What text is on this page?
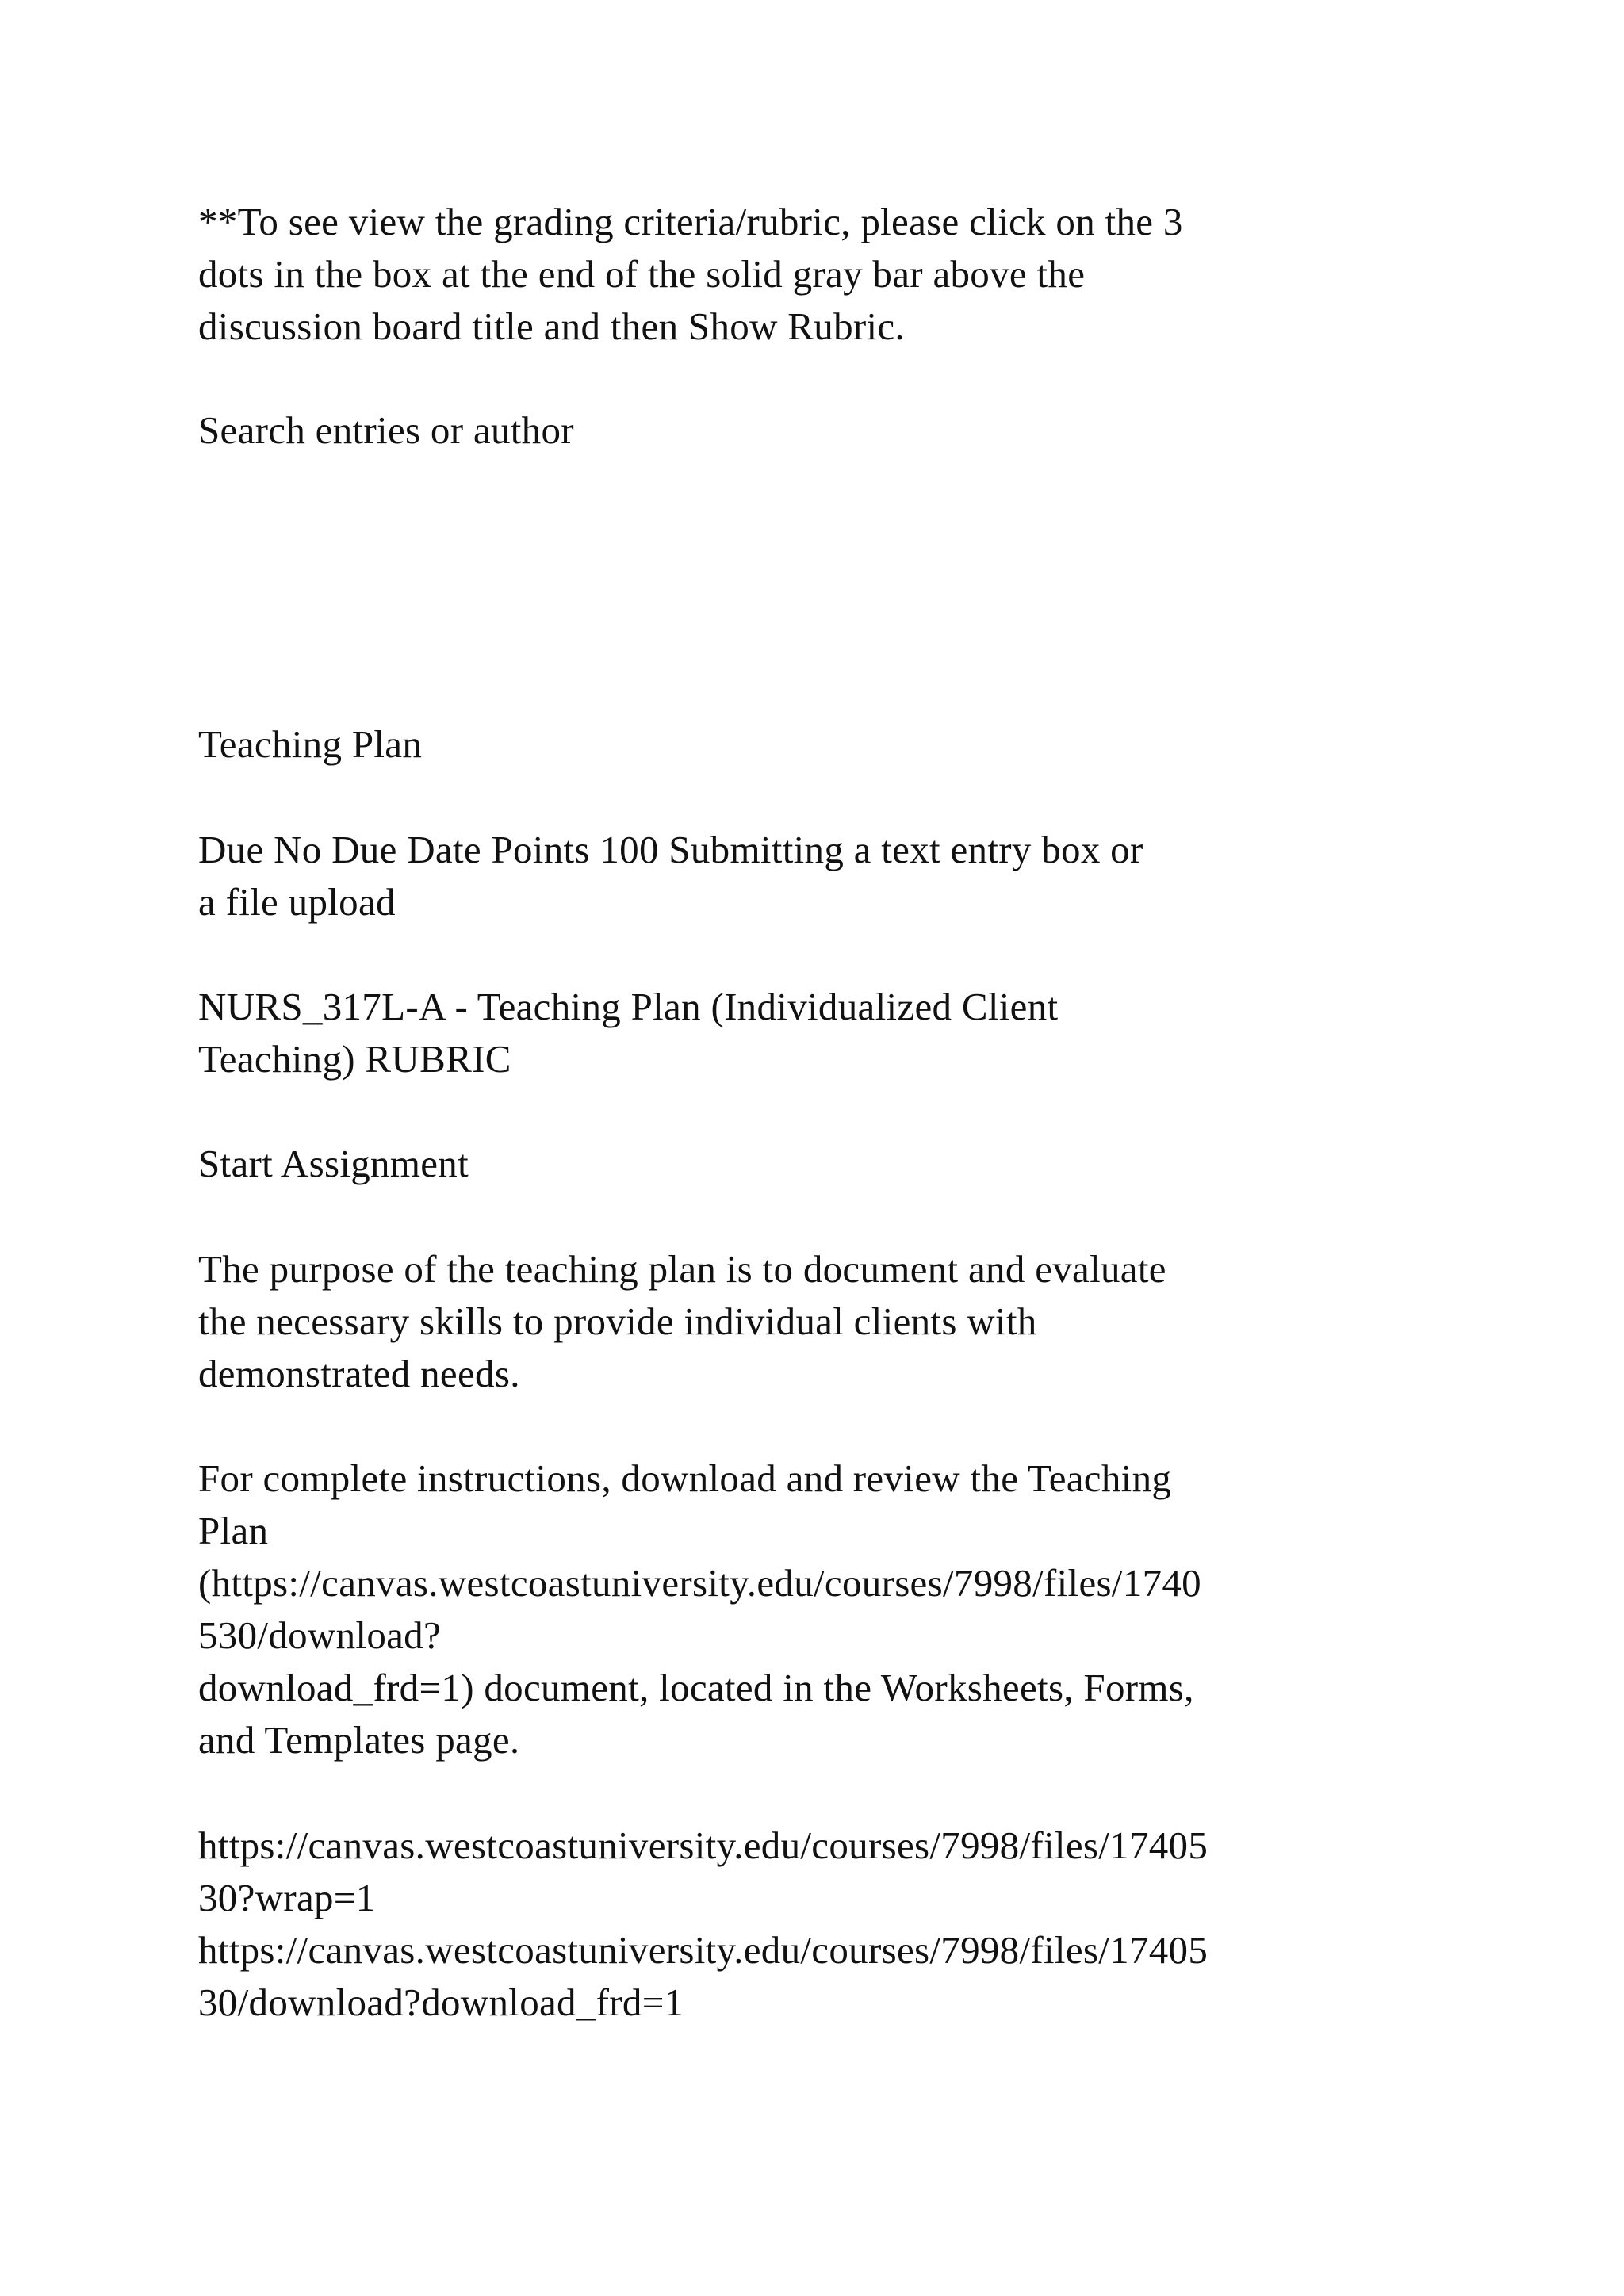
**To see view the grading criteria/rubric, please click on the 3

dots in the box at the end of the solid gray bar above the

discussion board title and then Show Rubric.

Search entries or author

Teaching Plan

Due No Due Date Points 100 Submitting a text entry box or

a file upload

NURS_317L-A - Teaching Plan (Individualized Client

Teaching) RUBRIC

Start Assignment

The purpose of the teaching plan is to document and evaluate

the necessary skills to provide individual clients with

demonstrated needs.

For complete instructions, download and review the Teaching

Plan

(https://canvas.westcoastuniversity.edu/courses/7998/files/1740

530/download?

download_frd=1) document, located in the Worksheets, Forms,

and Templates page.

https://canvas.westcoastuniversity.edu/courses/7998/files/17405

30?wrap=1

https://canvas.westcoastuniversity.edu/courses/7998/files/17405

30/download?download_frd=1
